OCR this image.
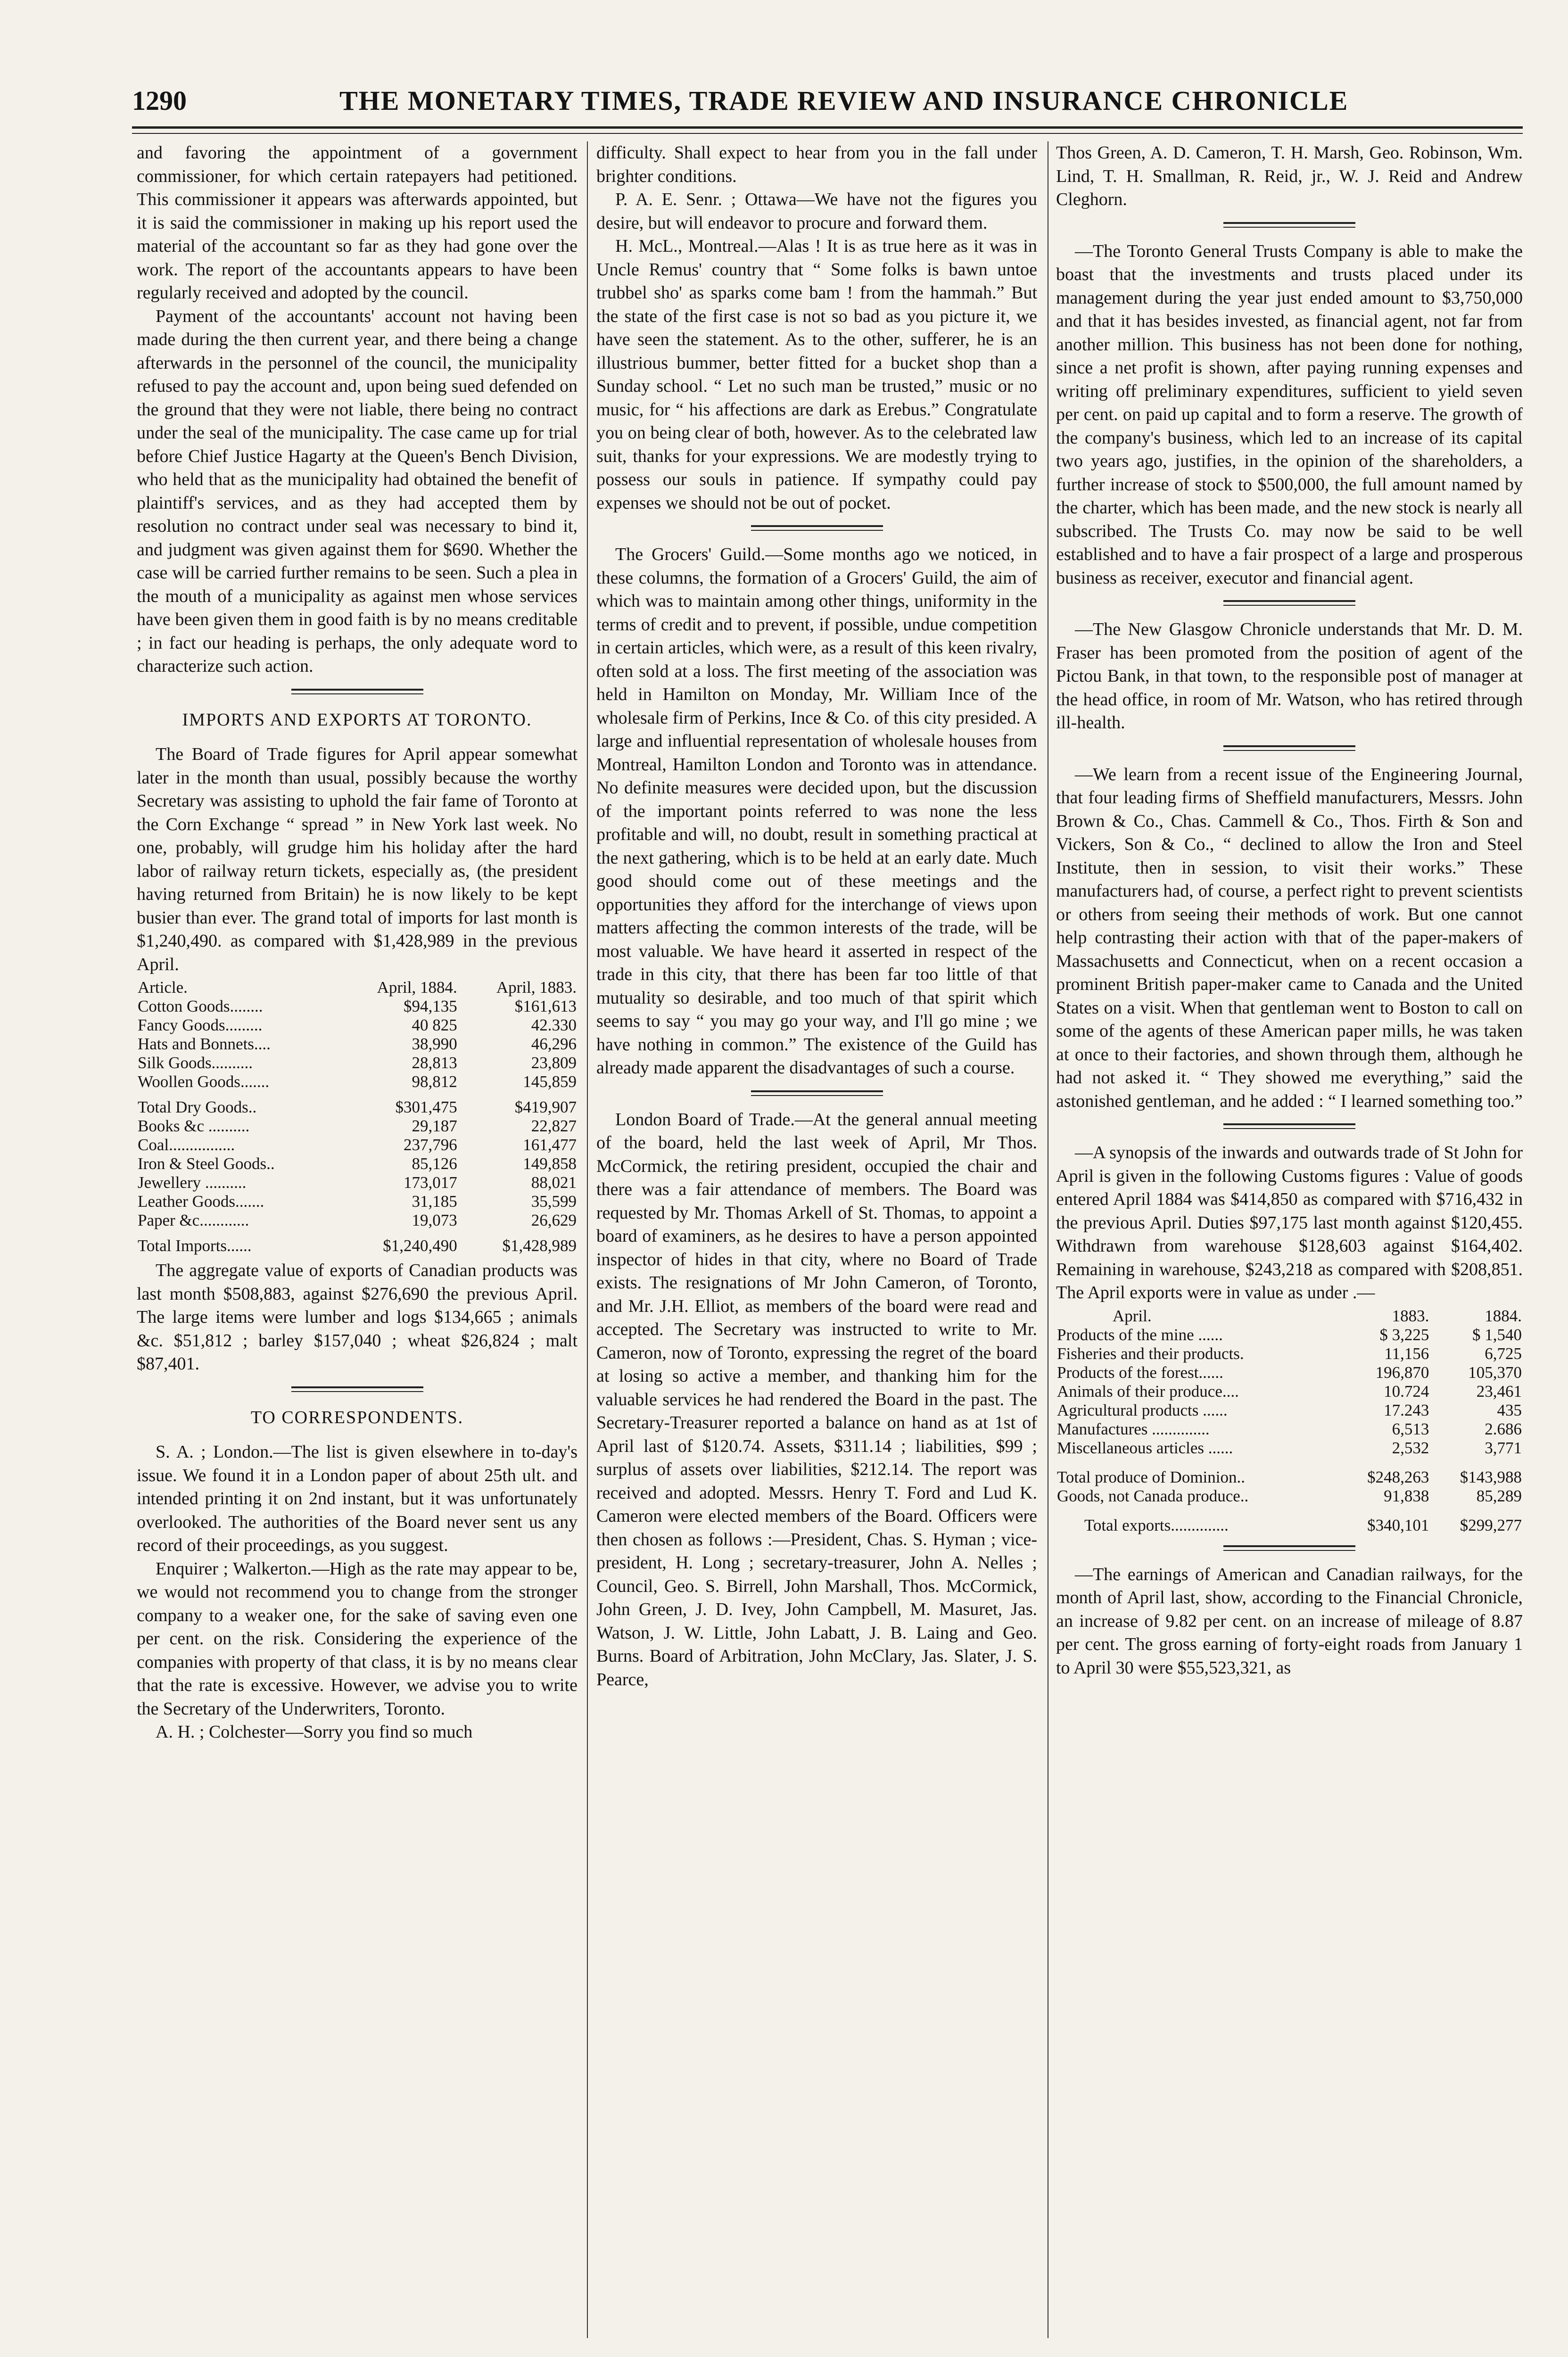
1290	THE MONETARY TIMES, TRADE REVIEW AND INSURANCE CHRONICLE

and favoring the appointment of a government commissioner, for which certain ratepayers had petitioned. This commissioner it appears was afterwards appointed, but it is said the commissioner in making up his report used the material of the accountant so far as they had gone over the work. The report of the accountants appears to have been regularly received and adopted by the council.

Payment of the accountants' account not having been made during the then current year, and there being a change afterwards in the personnel of the council, the municipality refused to pay the account and, upon being sued defended on the ground that they were not liable, there being no contract under the seal of the municipality. The case came up for trial before Chief Justice Hagarty at the Queen's Bench Division, who held that as the municipality had obtained the benefit of plaintiff's services, and as they had accepted them by resolution no contract under seal was necessary to bind it, and judgment was given against them for $690. Whether the case will be carried further remains to be seen. Such a plea in the mouth of a municipality as against men whose services have been given them in good faith is by no means creditable ; in fact our heading is perhaps, the only adequate word to characterize such action.

IMPORTS AND EXPORTS AT TORONTO.

The Board of Trade figures for April appear somewhat later in the month than usual, possibly because the worthy Secretary was assisting to uphold the fair fame of Toronto at the Corn Exchange “ spread ” in New York last week. No one, probably, will grudge him his holiday after the hard labor of railway return tickets, especially as, (the president having returned from Britain) he is now likely to be kept busier than ever. The grand total of imports for last month is $1,240,490. as compared with $1,428,989 in the previous April.

Article.	April, 1884.	April, 1883.
Cotton Goods........	$94,135	$161,613
Fancy Goods.........	40 825	42.330
Hats and Bonnets....	38,990	46,296
Silk Goods..........	28,813	23,809
Woollen Goods.......	98,812	145,859
Total Dry Goods..	$301,475	$419,907
Books &c ..........	29,187	22,827
Coal................	237,796	161,477
Iron & Steel Goods..	85,126	149,858
Jewellery ..........	173,017	88,021
Leather Goods.......	31,185	35,599
Paper &c............	19,073	26,629
Total Imports......	$1,240,490	$1,428,989

The aggregate value of exports of Canadian products was last month $508,883, against $276,690 the previous April. The large items were lumber and logs $134,665 ; animals &c. $51,812 ; barley $157,040 ; wheat $26,824 ; malt $87,401.

TO CORRESPONDENTS.

S. A. ; London.—The list is given elsewhere in to-day's issue. We found it in a London paper of about 25th ult. and intended printing it on 2nd instant, but it was unfortunately overlooked. The authorities of the Board never sent us any record of their proceedings, as you suggest.

Enquirer ; Walkerton.—High as the rate may appear to be, we would not recommend you to change from the stronger company to a weaker one, for the sake of saving even one per cent. on the risk. Considering the experience of the companies with property of that class, it is by no means clear that the rate is excessive. However, we advise you to write the Secretary of the Underwriters, Toronto.

A. H. ; Colchester—Sorry you find so much

difficulty. Shall expect to hear from you in the fall under brighter conditions.

P. A. E. Senr. ; Ottawa—We have not the figures you desire, but will endeavor to procure and forward them.

H. McL., Montreal.—Alas ! It is as true here as it was in Uncle Remus' country that “ Some folks is bawn untoe trubbel sho' as sparks come bam ! from the hammah.” But the state of the first case is not so bad as you picture it, we have seen the statement. As to the other, sufferer, he is an illustrious bummer, better fitted for a bucket shop than a Sunday school. “ Let no such man be trusted,” music or no music, for “ his affections are dark as Erebus.” Congratulate you on being clear of both, however. As to the celebrated law suit, thanks for your expressions. We are modestly trying to possess our souls in patience. If sympathy could pay expenses we should not be out of pocket.

The Grocers' Guild.—Some months ago we noticed, in these columns, the formation of a Grocers' Guild, the aim of which was to maintain among other things, uniformity in the terms of credit and to prevent, if possible, undue competition in certain articles, which were, as a result of this keen rivalry, often sold at a loss. The first meeting of the association was held in Hamilton on Monday, Mr. William Ince of the wholesale firm of Perkins, Ince & Co. of this city presided. A large and influential representation of wholesale houses from Montreal, Hamilton London and Toronto was in attendance. No definite measures were decided upon, but the discussion of the important points referred to was none the less profitable and will, no doubt, result in something practical at the next gathering, which is to be held at an early date. Much good should come out of these meetings and the opportunities they afford for the interchange of views upon matters affecting the common interests of the trade, will be most valuable. We have heard it asserted in respect of the trade in this city, that there has been far too little of that mutuality so desirable, and too much of that spirit which seems to say “ you may go your way, and I'll go mine ; we have nothing in common.” The existence of the Guild has already made apparent the disadvantages of such a course.

London Board of Trade.—At the general annual meeting of the board, held the last week of April, Mr Thos. McCormick, the retiring president, occupied the chair and there was a fair attendance of members. The Board was requested by Mr. Thomas Arkell of St. Thomas, to appoint a board of examiners, as he desires to have a person appointed inspector of hides in that city, where no Board of Trade exists. The resignations of Mr John Cameron, of Toronto, and Mr. J.H. Elliot, as members of the board were read and accepted. The Secretary was instructed to write to Mr. Cameron, now of Toronto, expressing the regret of the board at losing so active a member, and thanking him for the valuable services he had rendered the Board in the past. The Secretary-Treasurer reported a balance on hand as at 1st of April last of $120.74. Assets, $311.14 ; liabilities, $99 ; surplus of assets over liabilities, $212.14. The report was received and adopted. Messrs. Henry T. Ford and Lud K. Cameron were elected members of the Board. Officers were then chosen as follows :—President, Chas. S. Hyman ; vice-president, H. Long ; secretary-treasurer, John A. Nelles ; Council, Geo. S. Birrell, John Marshall, Thos. McCormick, John Green, J. D. Ivey, John Campbell, M. Masuret, Jas. Watson, J. W. Little, John Labatt, J. B. Laing and Geo. Burns. Board of Arbitration, John McClary, Jas. Slater, J. S. Pearce,

Thos Green, A. D. Cameron, T. H. Marsh, Geo. Robinson, Wm. Lind, T. H. Smallman, R. Reid, jr., W. J. Reid and Andrew Cleghorn.

—The Toronto General Trusts Company is able to make the boast that the investments and trusts placed under its management during the year just ended amount to $3,750,000 and that it has besides invested, as financial agent, not far from another million. This business has not been done for nothing, since a net profit is shown, after paying running expenses and writing off preliminary expenditures, sufficient to yield seven per cent. on paid up capital and to form a reserve. The growth of the company's business, which led to an increase of its capital two years ago, justifies, in the opinion of the shareholders, a further increase of stock to $500,000, the full amount named by the charter, which has been made, and the new stock is nearly all subscribed. The Trusts Co. may now be said to be well established and to have a fair prospect of a large and prosperous business as receiver, executor and financial agent.

—The New Glasgow Chronicle understands that Mr. D. M. Fraser has been promoted from the position of agent of the Pictou Bank, in that town, to the responsible post of manager at the head office, in room of Mr. Watson, who has retired through ill-health.

—We learn from a recent issue of the Engineering Journal, that four leading firms of Sheffield manufacturers, Messrs. John Brown & Co., Chas. Cammell & Co., Thos. Firth & Son and Vickers, Son & Co., “ declined to allow the Iron and Steel Institute, then in session, to visit their works.” These manufacturers had, of course, a perfect right to prevent scientists or others from seeing their methods of work. But one cannot help contrasting their action with that of the paper-makers of Massachusetts and Connecticut, when on a recent occasion a prominent British paper-maker came to Canada and the United States on a visit. When that gentleman went to Boston to call on some of the agents of these American paper mills, he was taken at once to their factories, and shown through them, although he had not asked it. “ They showed me everything,” said the astonished gentleman, and he added : “ I learned something too.”

—A synopsis of the inwards and outwards trade of St John for April is given in the following Customs figures : Value of goods entered April 1884 was $414,850 as compared with $716,432 in the previous April. Duties $97,175 last month against $120,455. Withdrawn from warehouse $128,603 against $164,402. Remaining in warehouse, $243,218 as compared with $208,851. The April exports were in value as under .—

April.	1883.	1884.
Products of the mine ......	$ 3,225	$ 1,540
Fisheries and their products.	11,156	6,725
Products of the forest......	196,870	105,370
Animals of their produce....	10.724	23,461
Agricultural products ......	17.243	435
Manufactures ..............	6,513	2.686
Miscellaneous articles ......	2,532	3,771
Total produce of Dominion..	$248,263	$143,988
Goods, not Canada produce..	91,838	85,289
Total exports..............	$340,101	$299,277

—The earnings of American and Canadian railways, for the month of April last, show, according to the Financial Chronicle, an increase of 9.82 per cent. on an increase of mileage of 8.87 per cent. The gross earning of forty-eight roads from January 1 to April 30 were $55,523,321, as
